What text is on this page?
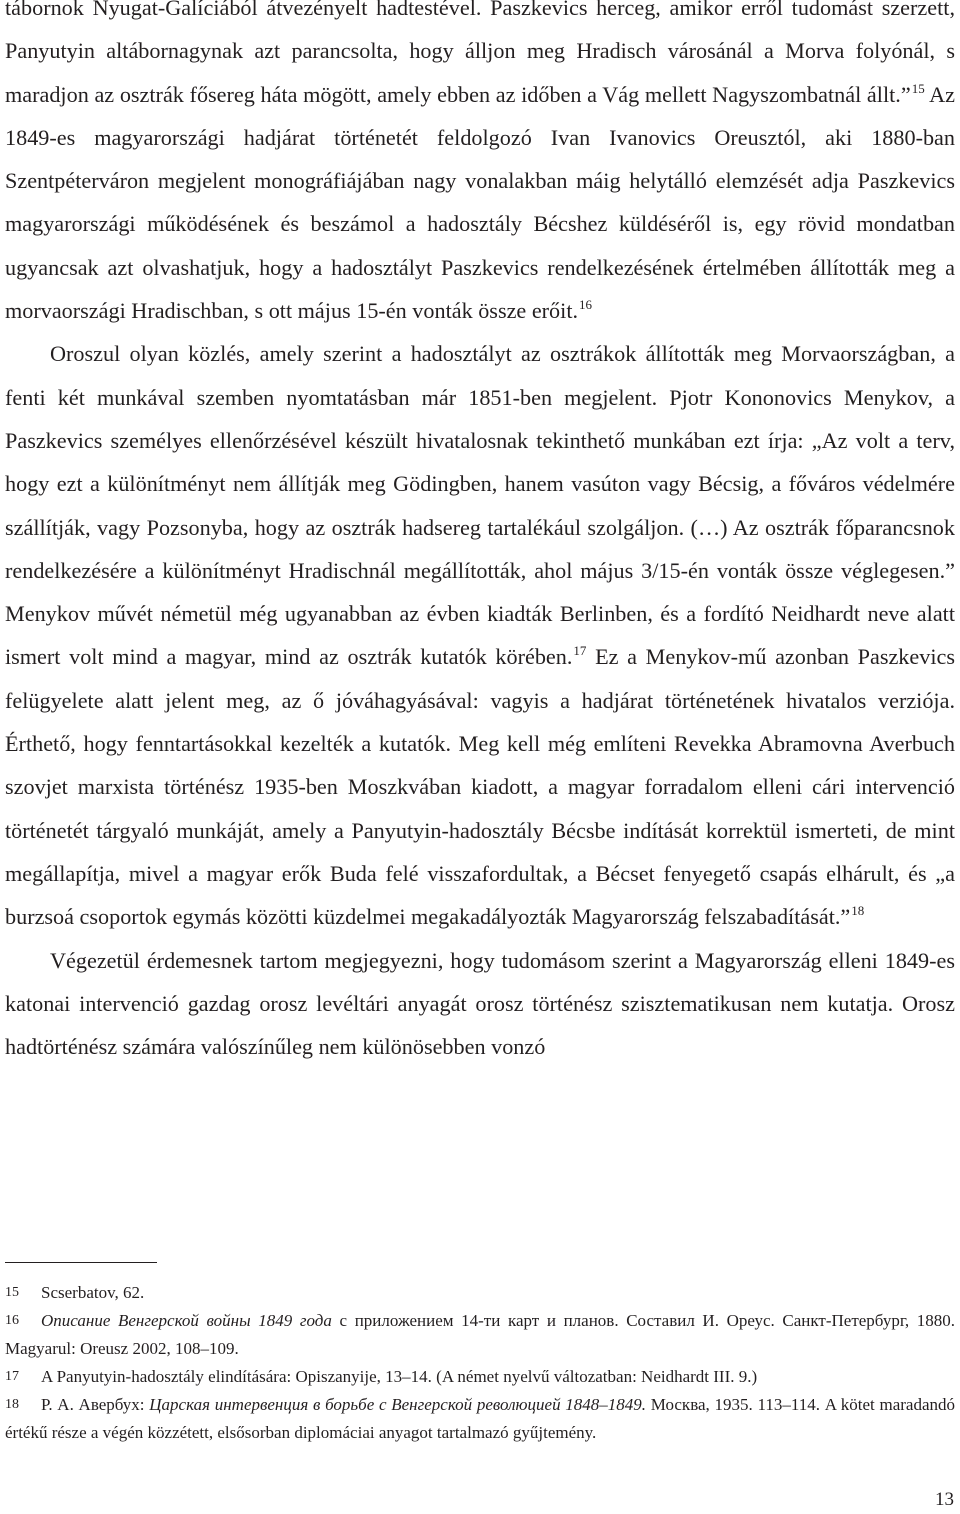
tábornok Nyugat-Galíciából átvezényelt hadtestével. Paszkevics herceg, amikor erről tudomást szerzett, Panyutyin altábornagynak azt parancsolta, hogy álljon meg Hradisch városánál a Morva folyónál, s maradjon az osztrák fősereg háta mögött, amely ebben az időben a Vág mellett Nagyszombatnál állt.”$^{15}$ Az 1849-es magyarországi hadjárat történetét feldolgozó Ivan Ivanovics Oreusztól, aki 1880-ban Szentpéterváron megjelent monográfiájában nagy vonalakban máig helytálló elemzését adja Paszkevics magyarországi működésének és beszámol a hadosztály Bécshez küldéséről is, egy rövid mondatban ugyancsak azt olvashatjuk, hogy a hadosztályt Paszkevics rendelkezésének értelmében állították meg a morvaországi Hradischban, s ott május 15-én vonták össze erőit.$^{16}$

Oroszul olyan közlés, amely szerint a hadosztályt az osztrákok állították meg Morvaországban, a fenti két munkával szemben nyomtatásban már 1851-ben megjelent. Pjotr Kononovics Menykov, a Paszkevics személyes ellenőrzésével készült hivatalosnak tekinthető munkában ezt írja: „Az volt a terv, hogy ezt a különítményt nem állítják meg Gödingben, hanem vasúton vagy Bécsig, a főváros védelmére szállítják, vagy Pozsonyba, hogy az osztrák hadsereg tartalékául szolgáljon. (…) Az osztrák főparancsnok rendelkezésére a különítményt Hradischnál megállították, ahol május 3/15-én vonták össze véglegesen.” Menykov művét németül még ugyanabban az évben kiadták Berlinben, és a fordító Neidhardt neve alatt ismert volt mind a magyar, mind az osztrák kutatók körében.$^{17}$ Ez a Menykov-mű azonban Paszkevics felügyelete alatt jelent meg, az ő jóváhagyásával: vagyis a hadjárat történetének hivatalos verziója. Érthető, hogy fenntartásokkal kezelték a kutatók. Meg kell még említeni Revekka Abramovna Averbuch szovjet marxista történész 1935-ben Moszkvában kiadott, a magyar forradalom elleni cári intervenció történetét tárgyaló munkáját, amely a Panyutyin-hadosztály Bécsbe indítását korrektül ismerteti, de mint megállapítja, mivel a magyar erők Buda felé visszafordultak, a Bécset fenyegető csapás elhárult, és „a burzsoá csoportok egymás közötti küzdelmei megakadályozták Magyarország felszabadítását.”$^{18}$

Végezetül érdemesnek tartom megjegyezni, hogy tudomásom szerint a Magyarország elleni 1849-es katonai intervenció gazdag orosz levéltári anyagát orosz történész szisztematikusan nem kutatja. Orosz hadtörténész számára valószínűleg nem különösebben vonzó

15 Scserbatov, 62.

16 Описание Венгерской войны 1849 года с приложением 14-ти карт и планов. Составил И. Ореус. Санкт-Петербург, 1880. Magyarul: Oreusz 2002, 108–109.

17 A Panyutyin-hadosztály elindítására: Opiszanyije, 13–14. (A német nyelvű változatban: Neidhardt III. 9.)

18 Р. А. Авербух: Царская интервенция в борьбе с Венгерской революцией 1848–1849. Москва, 1935. 113–114. A kötet maradandó értékű része a végén közzétett, elsősorban diplomáciai anyagot tartalmazó gyűjtemény.

13
